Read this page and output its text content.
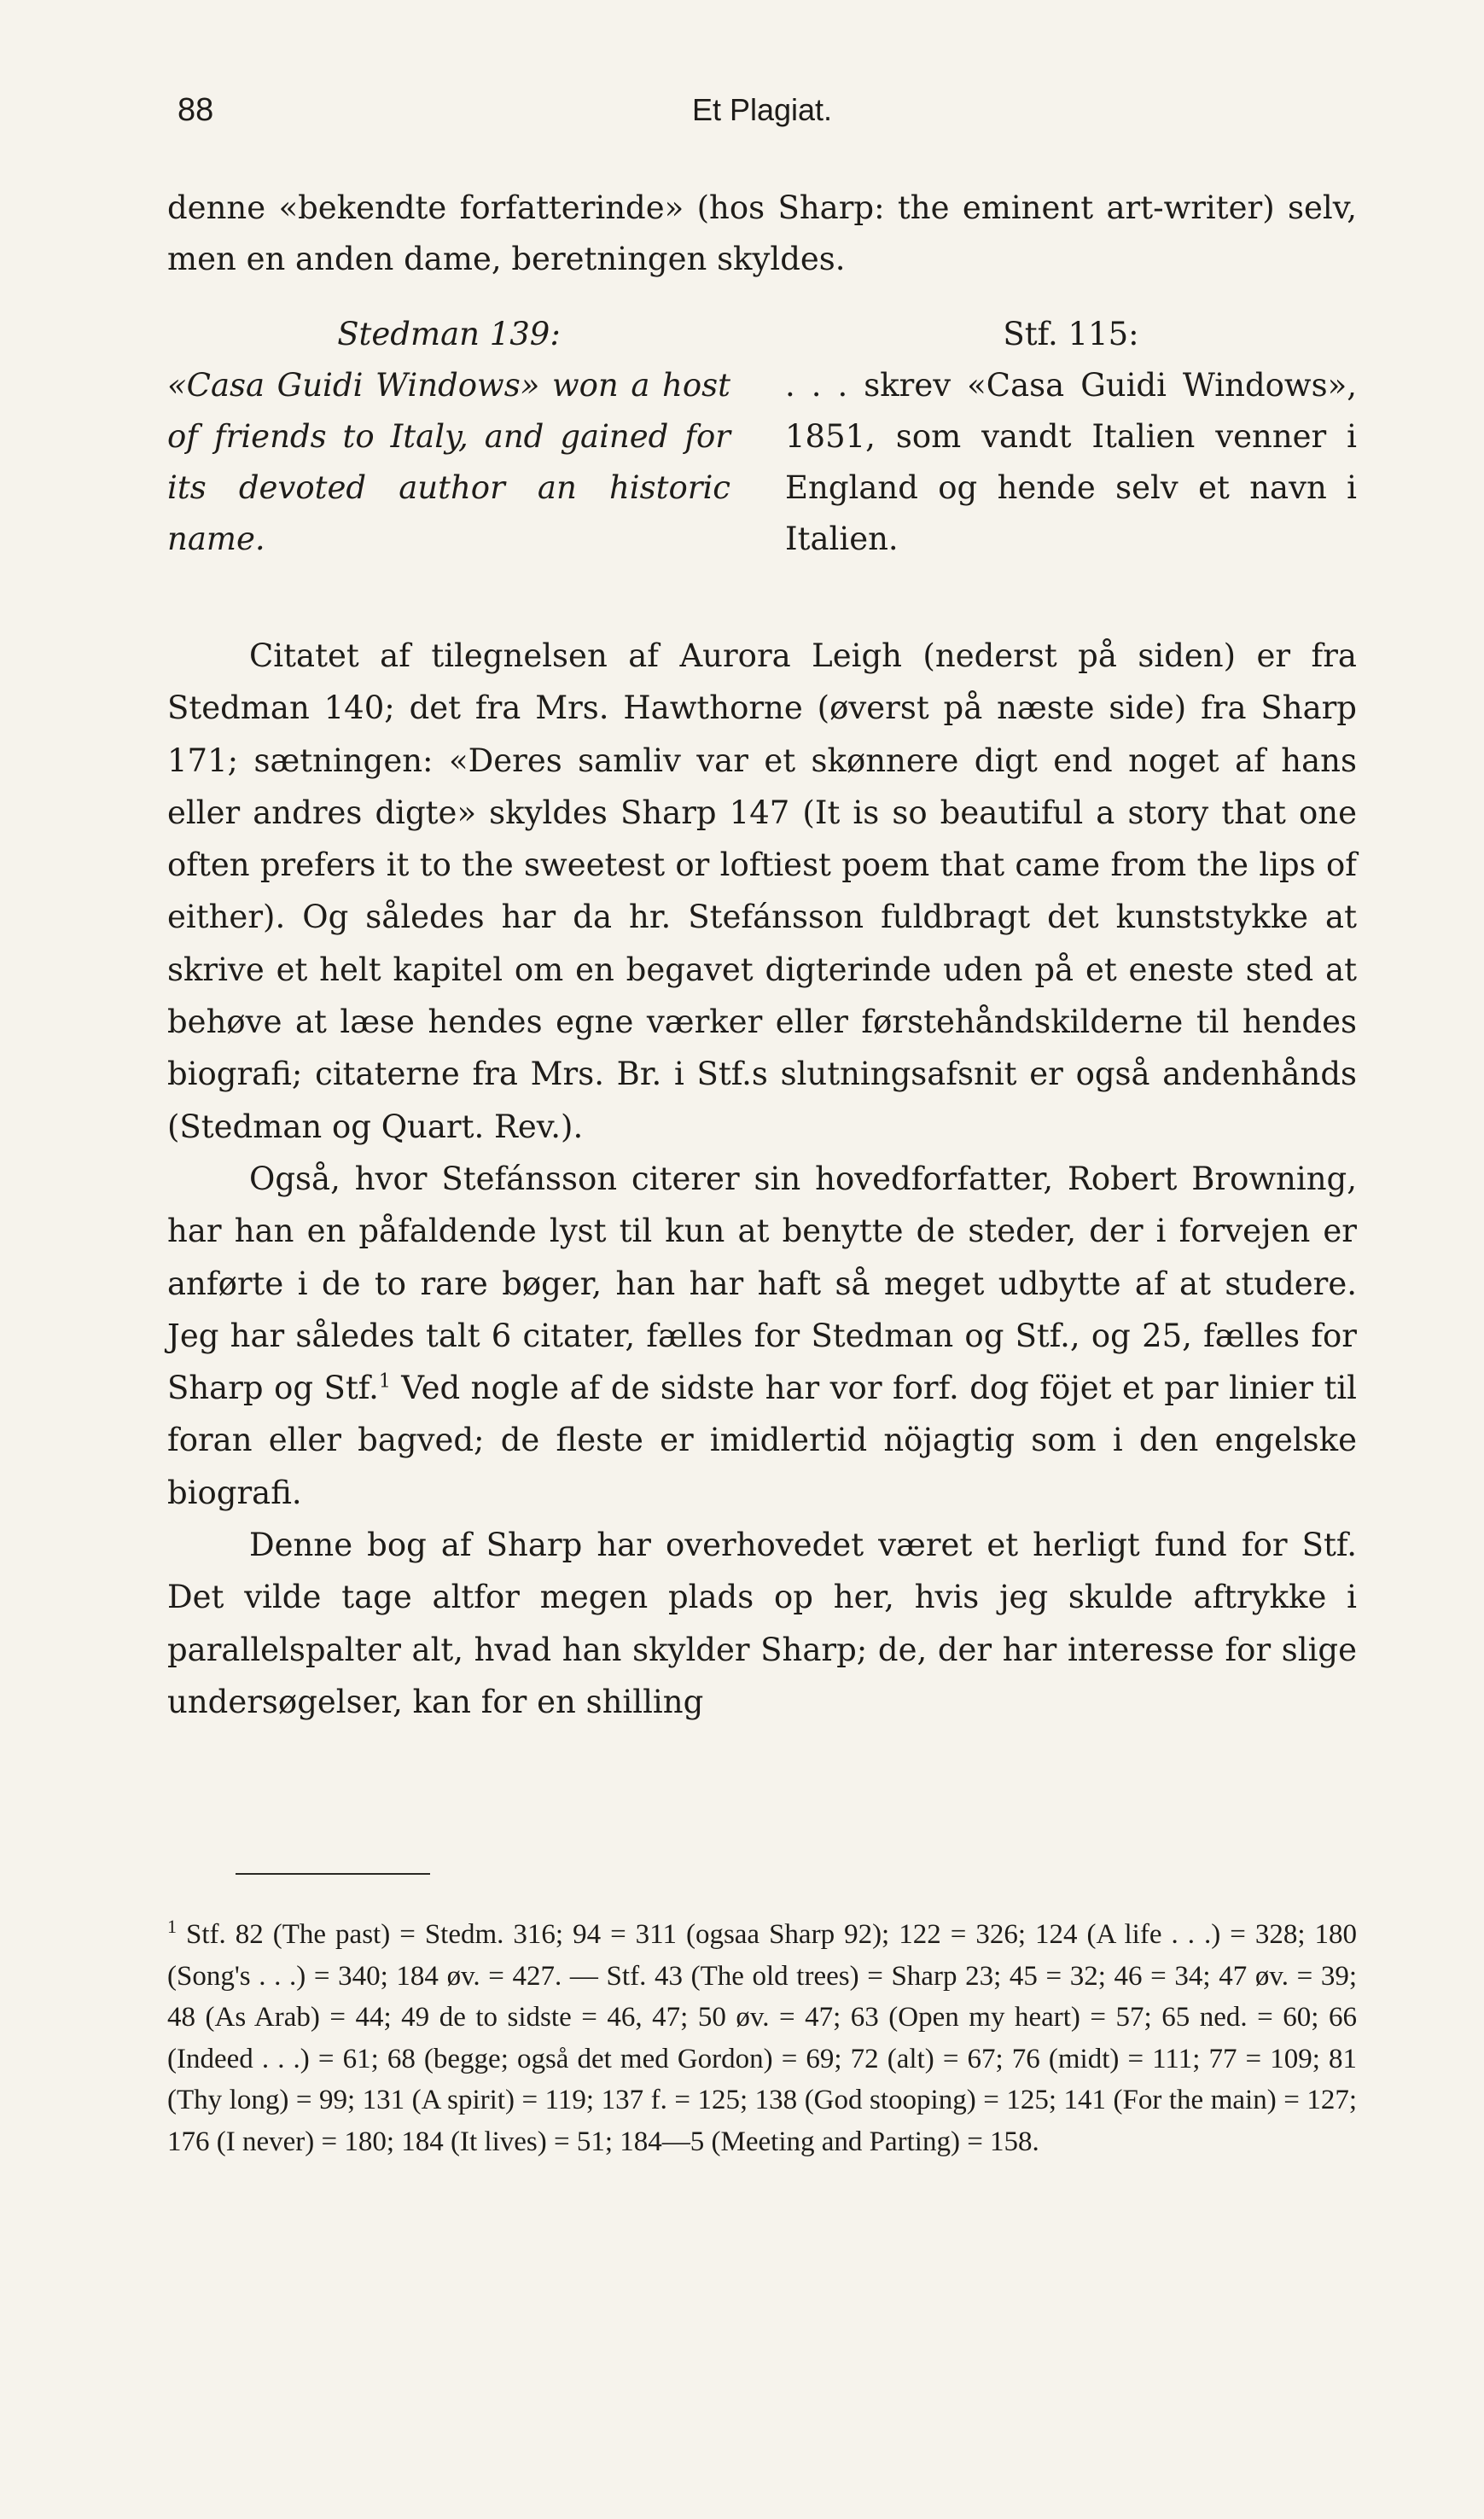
88	Et Plagiat.

denne «bekendte forfatterinde» (hos Sharp: the eminent art-writer) selv, men en anden dame, beretningen skyldes.

Stedman 139:

«Casa Guidi Windows» won a host of friends to Italy, and gained for its devoted author an historic name.

Stf. 115:

. . . skrev «Casa Guidi Windows», 1851, som vandt Italien venner i England og hende selv et navn i Italien.

Citatet af tilegnelsen af Aurora Leigh (nederst på siden) er fra Stedman 140; det fra Mrs. Hawthorne (øverst på næste side) fra Sharp 171; sætningen: «Deres samliv var et skønnere digt end noget af hans eller andres digte» skyldes Sharp 147 (It is so beautiful a story that one often prefers it to the sweetest or loftiest poem that came from the lips of either). Og således har da hr. Stefánsson fuldbragt det kunststykke at skrive et helt kapitel om en begavet digterinde uden på et eneste sted at behøve at læse hendes egne værker eller førstehåndskilderne til hendes biografi; citaterne fra Mrs. Br. i Stf.s slutningsafsnit er også andenhånds (Stedman og Quart. Rev.).

Også, hvor Stefánsson citerer sin hovedforfatter, Robert Browning, har han en påfaldende lyst til kun at benytte de steder, der i forvejen er anførte i de to rare bøger, han har haft så meget udbytte af at studere. Jeg har således talt 6 citater, fælles for Stedman og Stf., og 25, fælles for Sharp og Stf.$^1$ Ved nogle af de sidste har vor forf. dog föjet et par linier til foran eller bagved; de fleste er imidlertid nöjagtig som i den engelske biografi.

Denne bog af Sharp har overhovedet været et herligt fund for Stf. Det vilde tage altfor megen plads op her, hvis jeg skulde aftrykke i parallelspalter alt, hvad han skylder Sharp; de, der har interesse for slige undersøgelser, kan for en shilling

$^1$ Stf. 82 (The past) = Stedm. 316; 94 = 311 (ogsaa Sharp 92); 122 = 326; 124 (A life . . .) = 328; 180 (Song's . . .) = 340; 184 øv. = 427. — Stf. 43 (The old trees) = Sharp 23; 45 = 32; 46 = 34; 47 øv. = 39; 48 (As Arab) = 44; 49 de to sidste = 46, 47; 50 øv. = 47; 63 (Open my heart) = 57; 65 ned. = 60; 66 (Indeed . . .) = 61; 68 (begge; også det med Gordon) = 69; 72 (alt) = 67; 76 (midt) = 111; 77 = 109; 81 (Thy long) = 99; 131 (A spirit) = 119; 137 f. = 125; 138 (God stooping) = 125; 141 (For the main) = 127; 176 (I never) = 180; 184 (It lives) = 51; 184—5 (Meeting and Parting) = 158.
